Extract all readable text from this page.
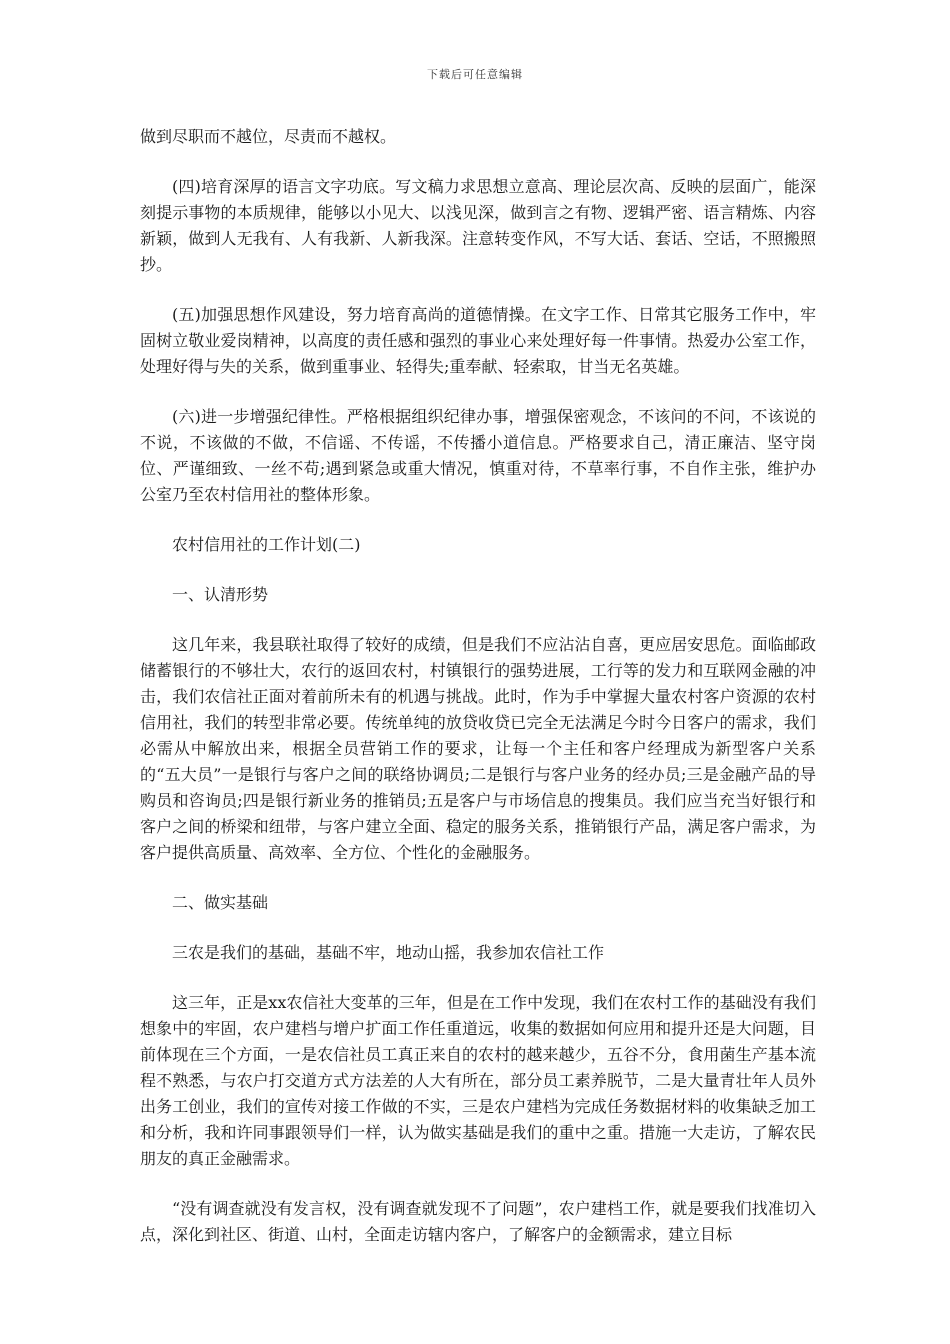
下载后可任意编辑

做到尽职而不越位，尽责而不越权。

(四)培育深厚的语言文字功底。写文稿力求思想立意高、理论层次高、反映的层面广，能深刻提示事物的本质规律，能够以小见大、以浅见深，做到言之有物、逻辑严密、语言精炼、内容新颖，做到人无我有、人有我新、人新我深。注意转变作风，不写大话、套话、空话，不照搬照抄。

(五)加强思想作风建设，努力培育高尚的道德情操。在文字工作、日常其它服务工作中，牢固树立敬业爱岗精神，以高度的责任感和强烈的事业心来处理好每一件事情。热爱办公室工作，处理好得与失的关系，做到重事业、轻得失;重奉献、轻索取，甘当无名英雄。

(六)进一步增强纪律性。严格根据组织纪律办事，增强保密观念，不该问的不问，不该说的不说，不该做的不做，不信谣、不传谣，不传播小道信息。严格要求自己，清正廉洁、坚守岗位、严谨细致、一丝不苟;遇到紧急或重大情况，慎重对待，不草率行事，不自作主张，维护办公室乃至农村信用社的整体形象。

农村信用社的工作计划(二)

一、认清形势

这几年来，我县联社取得了较好的成绩，但是我们不应沾沾自喜，更应居安思危。面临邮政储蓄银行的不够壮大，农行的返回农村，村镇银行的强势进展，工行等的发力和互联网金融的冲击，我们农信社正面对着前所未有的机遇与挑战。此时，作为手中掌握大量农村客户资源的农村信用社，我们的转型非常必要。传统单纯的放贷收贷已完全无法满足今时今日客户的需求，我们必需从中解放出来，根据全员营销工作的要求，让每一个主任和客户经理成为新型客户关系的“五大员”一是银行与客户之间的联络协调员;二是银行与客户业务的经办员;三是金融产品的导购员和咨询员;四是银行新业务的推销员;五是客户与市场信息的搜集员。我们应当充当好银行和客户之间的桥梁和纽带，与客户建立全面、稳定的服务关系，推销银行产品，满足客户需求，为客户提供高质量、高效率、全方位、个性化的金融服务。

二、做实基础

三农是我们的基础，基础不牢，地动山摇，我参加农信社工作

这三年，正是xx农信社大变革的三年，但是在工作中发现，我们在农村工作的基础没有我们想象中的牢固，农户建档与增户扩面工作任重道远，收集的数据如何应用和提升还是大问题，目前体现在三个方面，一是农信社员工真正来自的农村的越来越少，五谷不分，食用菌生产基本流程不熟悉，与农户打交道方式方法差的人大有所在，部分员工素养脱节，二是大量青壮年人员外出务工创业，我们的宣传对接工作做的不实，三是农户建档为完成任务数据材料的收集缺乏加工和分析，我和许同事跟领导们一样，认为做实基础是我们的重中之重。措施一大走访，了解农民朋友的真正金融需求。

“没有调查就没有发言权，没有调查就发现不了问题”，农户建档工作，就是要我们找准切入点，深化到社区、街道、山村，全面走访辖内客户，了解客户的金额需求，建立目标
